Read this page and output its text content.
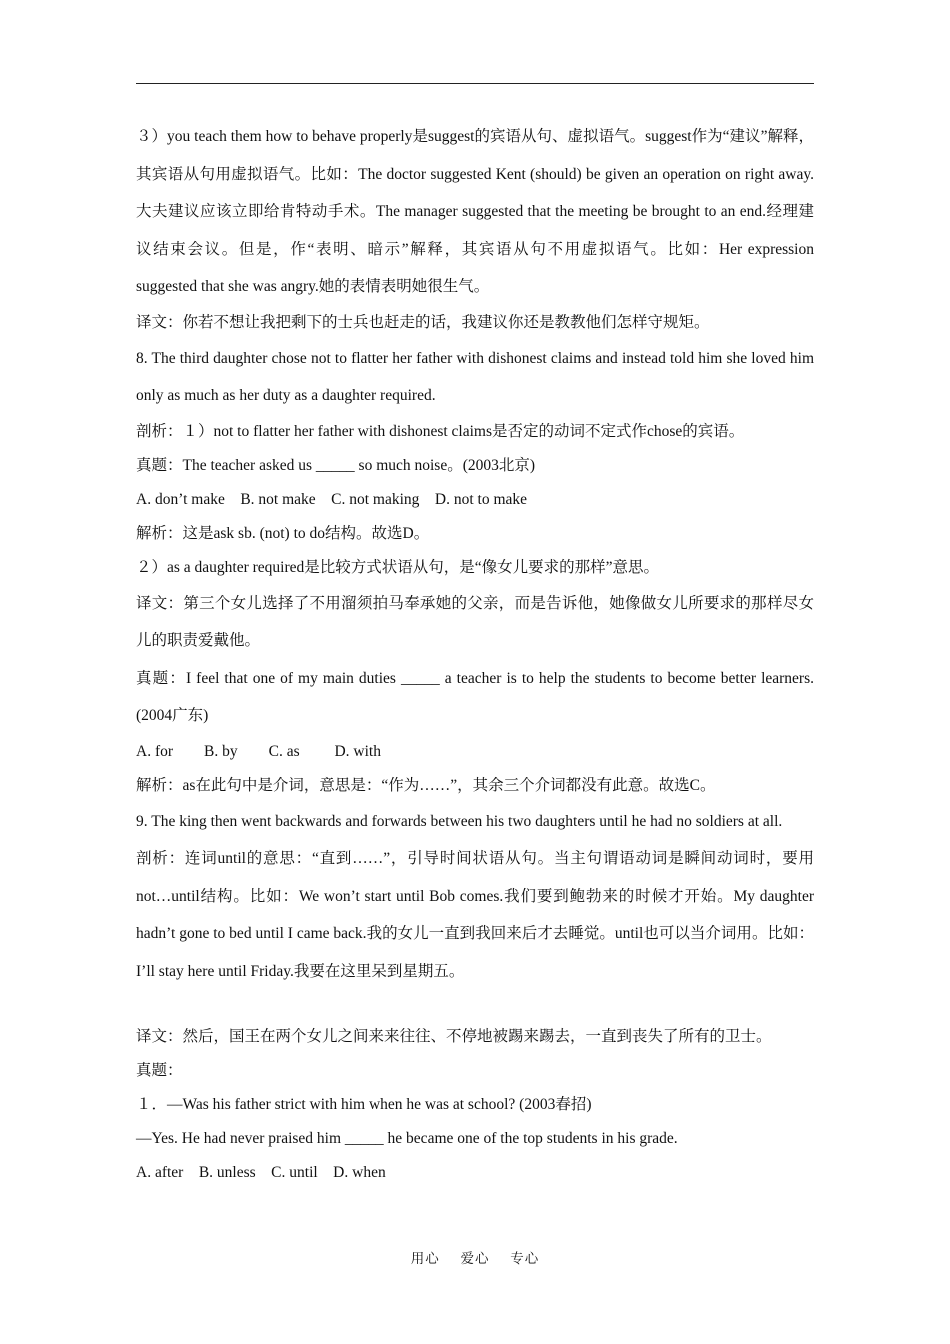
３）you teach them how to behave properly是suggest的宾语从句、虚拟语气。suggest作为“建议”解释，其宾语从句用虚拟语气。比如：The doctor suggested Kent (should) be given an operation on right away.大夫建议应该立即给肯特动手术。The manager suggested that the meeting be brought to an end.经理建议结束会议。但是，作“表明、暗示”解释，其宾语从句不用虚拟语气。比如：Her expression suggested that she was angry.她的表情表明她很生气。

译文：你若不想让我把剩下的士兵也赶走的话，我建议你还是教教他们怎样守规矩。

8. The third daughter chose not to flatter her father with dishonest claims and instead told him she loved him only as much as her duty as a daughter required.

剖析：１）not to flatter her father with dishonest claims是否定的动词不定式作chose的宾语。

真题：The teacher asked us _____ so much noise。(2003北京)

A. don’t make    B. not make    C. not making    D. not to make

解析：这是ask sb. (not) to do结构。故选D。

２）as a daughter required是比较方式状语从句，是“像女儿要求的那样”意思。

译文：第三个女儿选择了不用溜须拍马奉承她的父亲，而是告诉他，她像做女儿所要求的那样尽女儿的职责爱戴他。

真题：I feel that one of my main duties _____ a teacher is to help the students to become better learners. (2004广东)

A. for        B. by        C. as         D. with

解析：as在此句中是介词，意思是：“作为……”，其余三个介词都没有此意。故选C。

9. The king then went backwards and forwards between his two daughters until he had no soldiers at all.

剖析：连词until的意思：“直到……”，引导时间状语从句。当主句谓语动词是瞬间动词时，要用not…until结构。比如：We won’t start until Bob comes.我们要到鲍勃来的时候才开始。My daughter hadn’t gone to bed until I came back.我的女儿一直到我回来后才去睡觉。until也可以当介词用。比如：I’ll stay here until Friday.我要在这里呆到星期五。

译文：然后，国王在两个女儿之间来来往往、不停地被踢来踢去，一直到丧失了所有的卫士。

真题：

１．—Was his father strict with him when he was at school? (2003春招)

—Yes. He had never praised him _____ he became one of the top students in his grade.

A. after    B. unless    C. until    D. when

用心  爱心  专心
